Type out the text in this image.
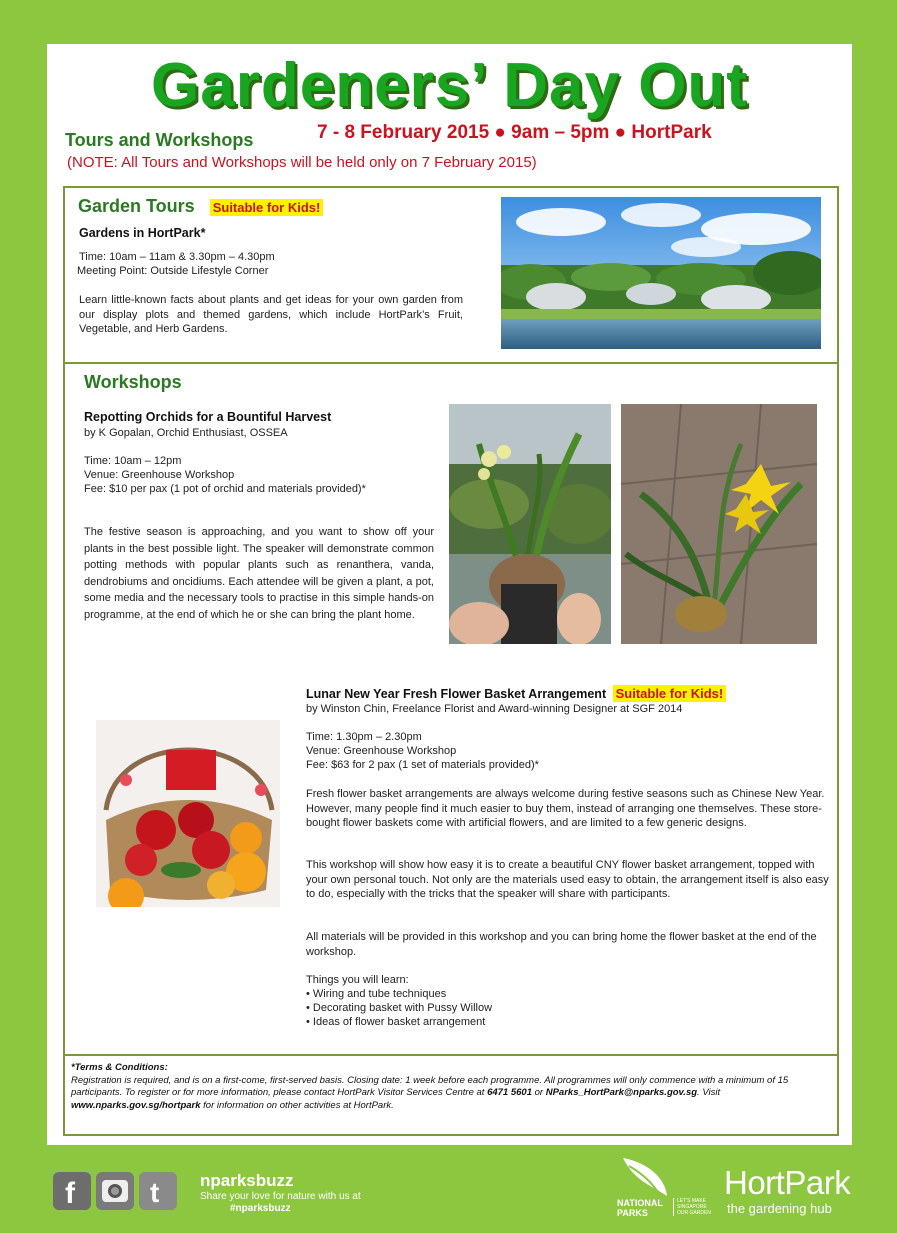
Gardeners’ Day Out
Tours and Workshops	7 - 8 February 2015 ● 9am – 5pm ● HortPark
(NOTE: All Tours and Workshops will be held only on 7 February 2015)
Garden Tours Suitable for Kids!
Gardens in HortPark*
Time: 10am – 11am & 3.30pm – 4.30pm
Meeting Point: Outside Lifestyle Corner
Learn little-known facts about plants and get ideas for your own garden from our display plots and themed gardens, which include HortPark’s Fruit, Vegetable, and Herb Gardens.
Workshops
Repotting Orchids for a Bountiful Harvest
by K Gopalan, Orchid Enthusiast, OSSEA
Time: 10am – 12pm
Venue: Greenhouse Workshop
Fee: $10 per pax (1 pot of orchid and materials provided)*
The festive season is approaching, and you want to show off your plants in the best possible light. The speaker will demonstrate common potting methods with popular plants such as renanthera, vanda, dendrobiums and oncidiums. Each attendee will be given a plant, a pot, some media and the necessary tools to practise in this simple hands-on programme, at the end of which he or she can bring the plant home.
Lunar New Year Fresh Flower Basket Arrangement Suitable for Kids!
by Winston Chin, Freelance Florist and Award-winning Designer at SGF 2014
Time: 1.30pm – 2.30pm
Venue: Greenhouse Workshop
Fee: $63 for 2 pax (1 set of materials provided)*
Fresh flower basket arrangements are always welcome during festive seasons such as Chinese New Year. However, many people find it much easier to buy them, instead of arranging one themselves. These store-bought flower baskets come with artificial flowers, and are limited to a few generic designs.
This workshop will show how easy it is to create a beautiful CNY flower basket arrangement, topped with your own personal touch. Not only are the materials used easy to obtain, the arrangement itself is also easy to do, especially with the tricks that the speaker will share with participants.
All materials will be provided in this workshop and you can bring home the flower basket at the end of the workshop.
Things you will learn:
• Wiring and tube techniques
• Decorating basket with Pussy Willow
• Ideas of flower basket arrangement
*Terms & Conditions:
Registration is required, and is on a first-come, first-served basis. Closing date: 1 week before each programme. All programmes will only commence with a minimum of 15 participants. To register or for more information, please contact HortPark Visitor Services Centre at 6471 5601 or NParks_HortPark@nparks.gov.sg. Visit www.nparks.gov.sg/hortpark for information on other activities at HortPark.
f	t nparksbuzz
Share your love for nature with us at
#nparksbuzz	NATIONAL
PARKS
LET'S MAKE
SINGAPORE
OUR GARDEN
HortPark
the gardening hub
